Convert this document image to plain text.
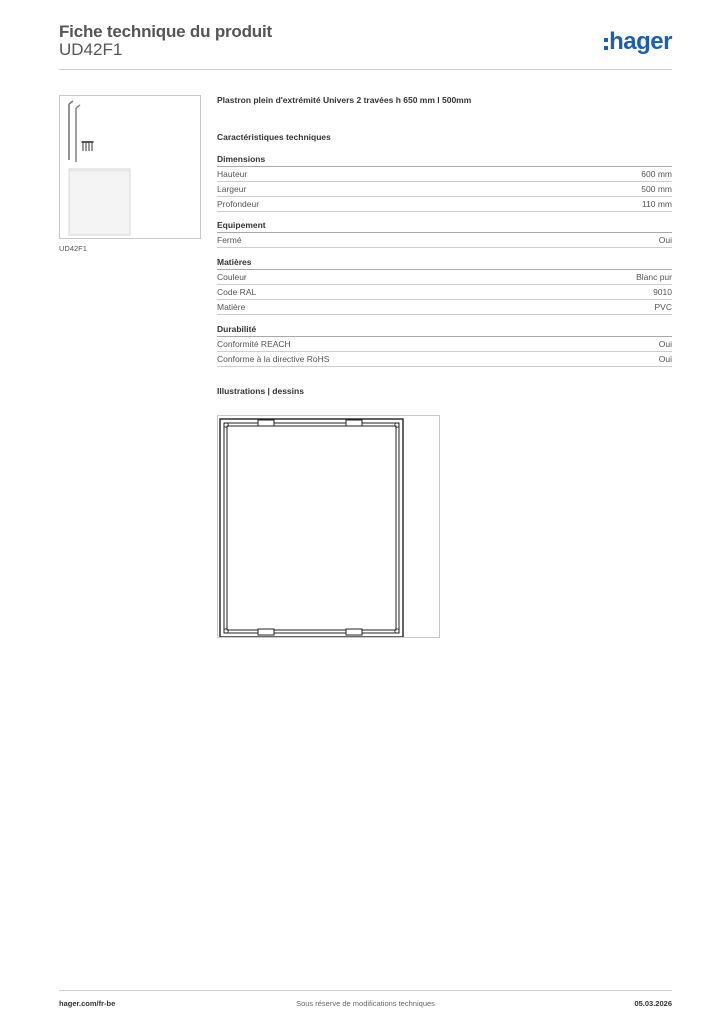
Fiche technique du produit
UD42F1	hager
UD42F1
Plastron plein d'extrémité Univers 2 travées h 650 mm l 500mm
Caractéristiques techniques
Dimensions
Hauteur	600 mm
Largeur	500 mm
Profondeur	110 mm
Equipement
Fermé	Oui
Matières
Couleur	Blanc pur
Code RAL	9010
Matière	PVC
Durabilité
Conformité REACH	Oui
Conforme à la directive RoHS	Oui
Illustrations | dessins
hager.com/fr-be	Sous réserve de modifications techniques	05.03.2026
